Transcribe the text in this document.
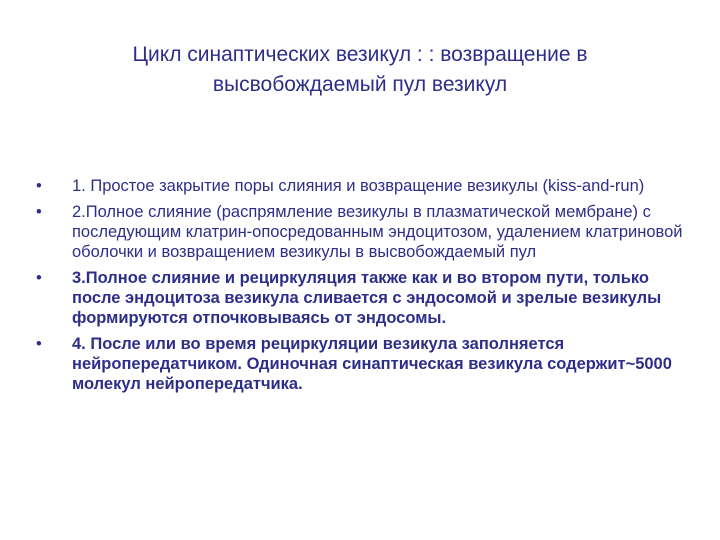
Цикл синаптических везикул : : возвращение в высвобождаемый пул везикул
•	1. Простое закрытие поры слияния и возвращение везикулы (kiss-and-run)
•	2.Полное слияние (распрямление везикулы в плазматической мембране) с последующим клатрин-опосредованным эндоцитозом, удалением клатриновой оболочки и возвращением везикулы в высвобождаемый пул
•	3.Полное слияние и рециркуляция также как и во втором пути, только после эндоцитоза везикула сливается с эндосомой и зрелые везикулы формируются отпочковываясь от эндосомы.
•	4. После или во время рециркуляции везикула заполняется нейропередатчиком. Одиночная синаптическая везикула содержит~5000 молекул нейропередатчика.
